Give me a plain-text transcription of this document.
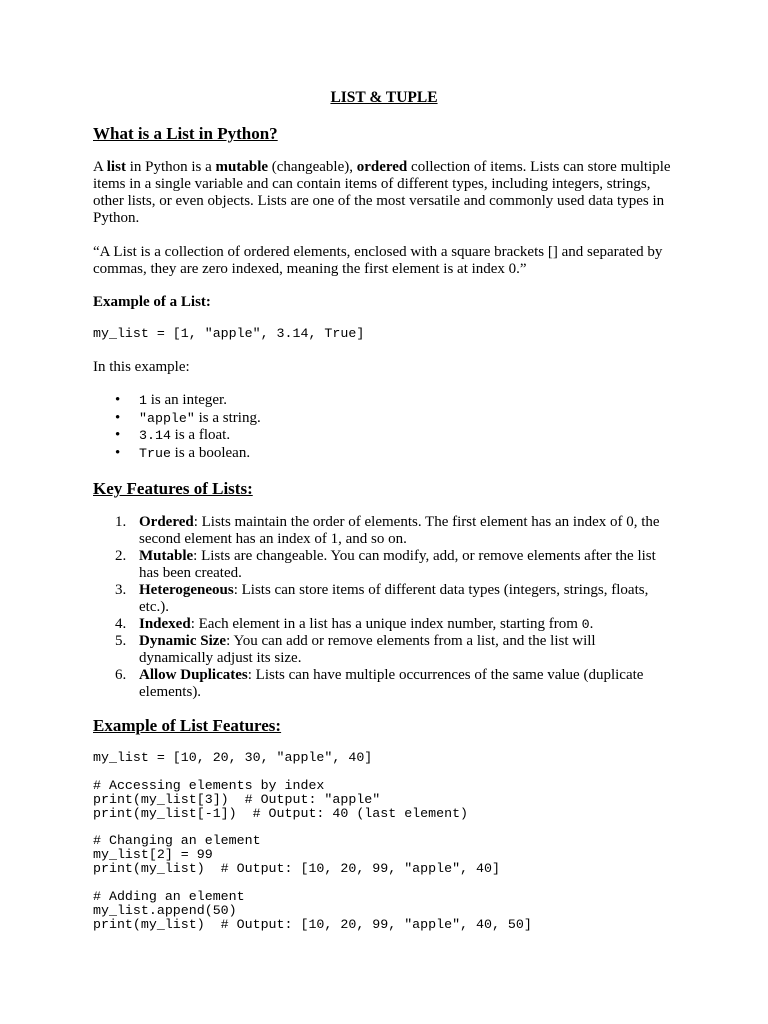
LIST & TUPLE
What is a List in Python?
A list in Python is a mutable (changeable), ordered collection of items. Lists can store multiple items in a single variable and can contain items of different types, including integers, strings, other lists, or even objects. Lists are one of the most versatile and commonly used data types in Python.
“A List is a collection of ordered elements, enclosed with a square brackets [] and separated by commas, they are zero indexed, meaning the first element is at index 0.”
Example of a List:
my_list = [1, "apple", 3.14, True]
In this example:
• 1 is an integer.
• "apple" is a string.
• 3.14 is a float.
• True is a boolean.
Key Features of Lists:
1. Ordered: Lists maintain the order of elements. The first element has an index of 0, the second element has an index of 1, and so on.
2. Mutable: Lists are changeable. You can modify, add, or remove elements after the list has been created.
3. Heterogeneous: Lists can store items of different data types (integers, strings, floats, etc.).
4. Indexed: Each element in a list has a unique index number, starting from 0.
5. Dynamic Size: You can add or remove elements from a list, and the list will dynamically adjust its size.
6. Allow Duplicates: Lists can have multiple occurrences of the same value (duplicate elements).
Example of List Features:
my_list = [10, 20, 30, "apple", 40]

# Accessing elements by index
print(my_list[3])  # Output: "apple"
print(my_list[-1])  # Output: 40 (last element)

# Changing an element
my_list[2] = 99
print(my_list)  # Output: [10, 20, 99, "apple", 40]

# Adding an element
my_list.append(50)
print(my_list)  # Output: [10, 20, 99, "apple", 40, 50]
